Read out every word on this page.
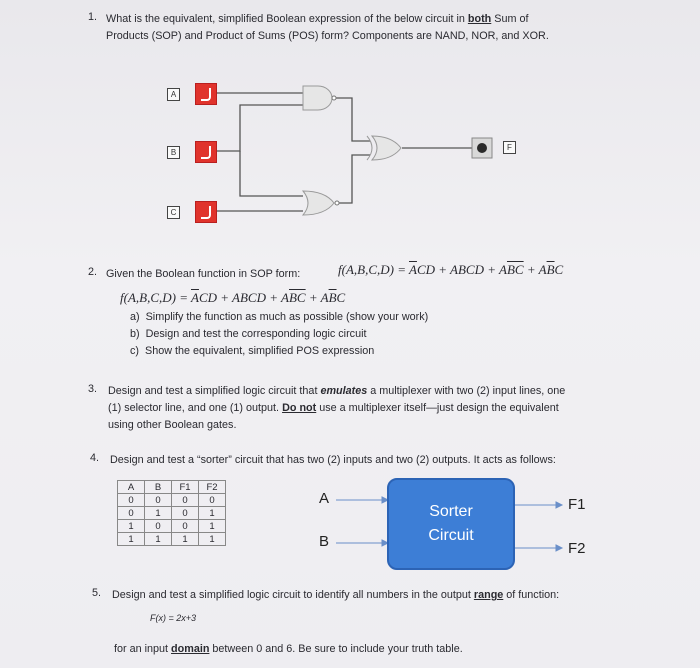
1. What is the equivalent, simplified Boolean expression of the below circuit in both Sum of
Products (SOP) and Product of Sums (POS) form? Components are NAND, NOR, and XOR.
A
B
C
F
2. Given the Boolean function in SOP form:	$f(A,B,C,D) = \overline{A}CD$ + ABCD + $A\overline{BC} + A\overline{B}C$
$f(A,B,C,D) = \overline{A}CD$ + ABCD + $A\overline{BC} + A\overline{B}C$
a) Simplify the function as much as possible (show your work)
b) Design and test the corresponding logic circuit
c) Show the equivalent, simplified POS expression
3. Design and test a simplified logic circuit that emulates a multiplexer with two (2) input lines, one
(1) selector line, and one (1) output. Do not use a multiplexer itself—just design the equivalent
using other Boolean gates.
4. Design and test a “sorter” circuit that has two (2) inputs and two (2) outputs. It acts as follows:
A	B	F1	F2
0	0	0	0
0	1	0	1
1	0	0	1
1	1	1	1
A
B
Sorter
Circuit
F1
F2
5. Design and test a simplified logic circuit to identify all numbers in the output range of function:
F(x) = 2x+3
for an input domain between 0 and 6. Be sure to include your truth table.
